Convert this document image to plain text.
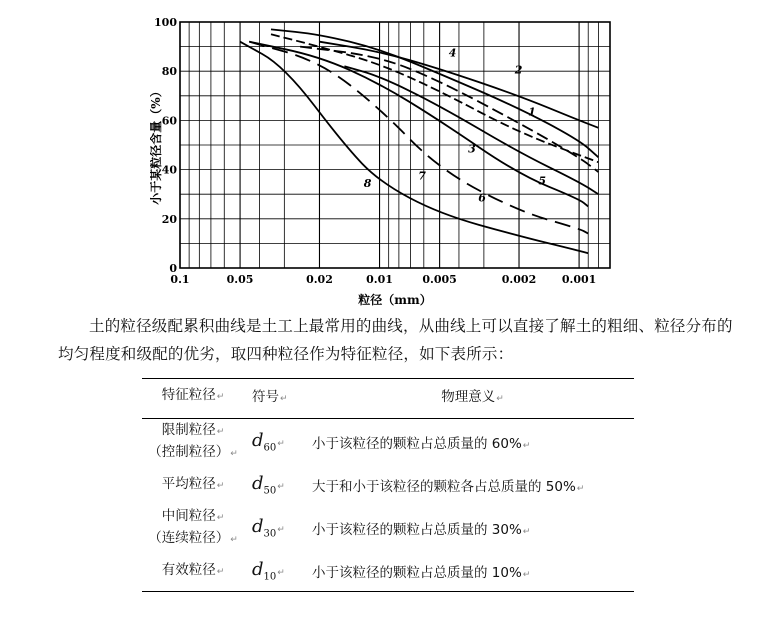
0.1	0.05	0.02	0.01	0.005	0.002 0.001
0
20
40
60
80
100
粒径（mm）
小于某粒径含量（%）	1
2
3
4
5
6
7
8
土的粒径级配累积曲线是土工上最常用的曲线，从曲线上可以直接了解土的粗细、粒径分布的均匀程度和级配的优劣，取四种粒径作为特征粒径，如下表所示：
特征粒径↵	符号↵	物理意义↵

限制粒径↵
（控制粒径）↵	$d_{60}↵$	小于该粒径的颗粒占总质量的 60%↵

平均粒径↵	$d_{50}↵$	大于和小于该粒径的颗粒各占总质量的 50%↵

中间粒径↵
（连续粒径）↵	$d_{30}↵$	小于该粒径的颗粒占总质量的 30%↵

有效粒径↵	$d_{10}↵$	小于该粒径的颗粒占总质量的 10%↵
